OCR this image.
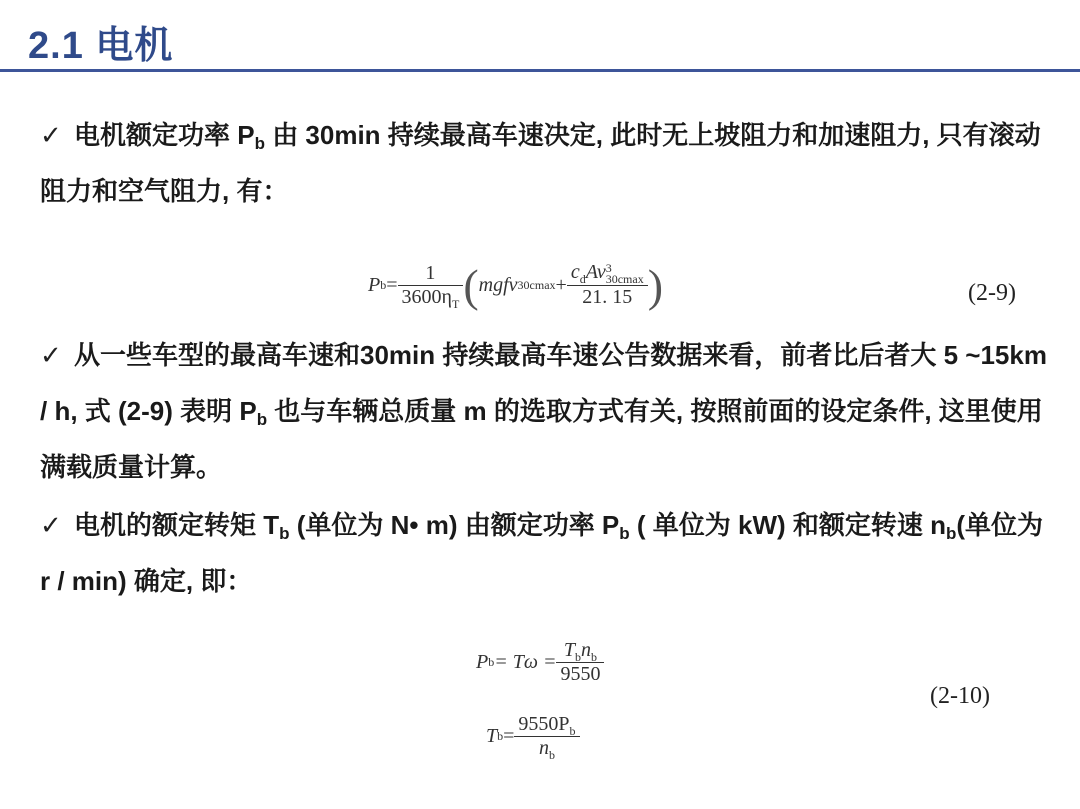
2.1 电机
✓ 电机额定功率 $P_b$ 由 30min 持续最高车速决定, 此时无上坡阻力和加速阻力, 只有滚动阻力和空气阻力, 有：
P $b = \frac{1}{3600\eta_T}$ ( mgfv $30cmax + c_dAv$ 3
30cmax
21. 15 )	(2-9)
✓ 从一些车型的最高车速和30min 持续最高车速公告数据来看，前者比后者大 5 ~15km / h, 式 (2-9) 表明 $P_b$ 也与车辆总质量 m 的选取方式有关, 按照前面的设定条件, 这里使用满载质量计算。
✓ 电机的额定转矩 $T_b$ (单位为 N• m) 由额定功率 $P_b$ ( 单位为 kW) 和额定转速 $n_b$(单位为 r / min) 确定, 即：
P $b = T\omega = \frac{T_bn_b}{9550}$
T $b = \frac{9550P_b}{n_b}$
(2-10)
